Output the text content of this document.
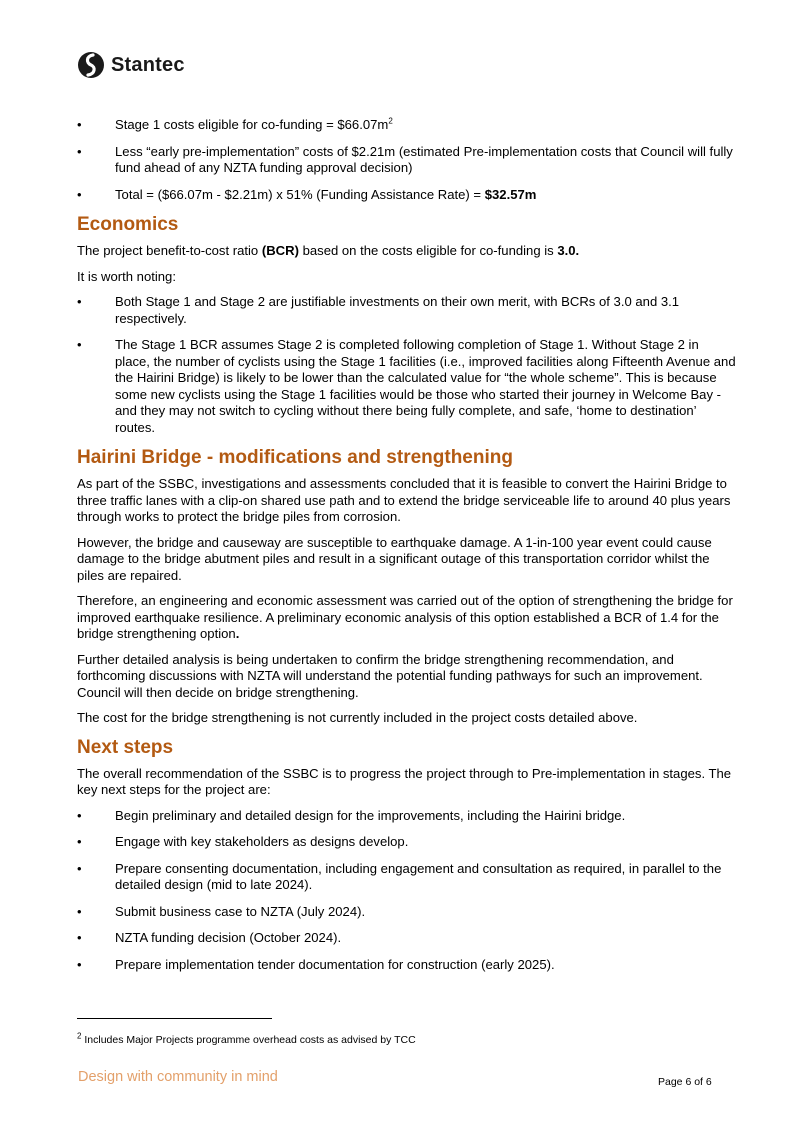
Stantec
• Stage 1 costs eligible for co-funding = $\$66.07m^2$
• Less “early pre-implementation” costs of $2.21m (estimated Pre-implementation costs that Council will fully fund ahead of any NZTA funding approval decision)
• Total = ($66.07m - $2.21m) x 51% (Funding Assistance Rate) = $32.57m
Economics

The project benefit-to-cost ratio (BCR) based on the costs eligible for co-funding is 3.0.

It is worth noting:

• Both Stage 1 and Stage 2 are justifiable investments on their own merit, with BCRs of 3.0 and 3.1 respectively.
• The Stage 1 BCR assumes Stage 2 is completed following completion of Stage 1. Without Stage 2 in place, the number of cyclists using the Stage 1 facilities (i.e., improved facilities along Fifteenth Avenue and the Hairini Bridge) is likely to be lower than the calculated value for “the whole scheme”. This is because some new cyclists using the Stage 1 facilities would be those who started their journey in Welcome Bay - and they may not switch to cycling without there being fully complete, and safe, ‘home to destination’ routes.
Hairini Bridge - modifications and strengthening

As part of the SSBC, investigations and assessments concluded that it is feasible to convert the Hairini Bridge to three traffic lanes with a clip-on shared use path and to extend the bridge serviceable life to around 40 plus years through works to protect the bridge piles from corrosion.

However, the bridge and causeway are susceptible to earthquake damage. A 1-in-100 year event could cause damage to the bridge abutment piles and result in a significant outage of this transportation corridor whilst the piles are repaired.

Therefore, an engineering and economic assessment was carried out of the option of strengthening the bridge for improved earthquake resilience. A preliminary economic analysis of this option established a BCR of 1.4 for the bridge strengthening option.

Further detailed analysis is being undertaken to confirm the bridge strengthening recommendation, and forthcoming discussions with NZTA will understand the potential funding pathways for such an improvement. Council will then decide on bridge strengthening.

The cost for the bridge strengthening is not currently included in the project costs detailed above.

Next steps

The overall recommendation of the SSBC is to progress the project through to Pre-implementation in stages. The key next steps for the project are:

• Begin preliminary and detailed design for the improvements, including the Hairini bridge.
• Engage with key stakeholders as designs develop.
• Prepare consenting documentation, including engagement and consultation as required, in parallel to the detailed design (mid to late 2024).
• Submit business case to NZTA (July 2024).
• NZTA funding decision (October 2024).
• Prepare implementation tender documentation for construction (early 2025).
$^2$ Includes Major Projects programme overhead costs as advised by TCC
Design with community in mind	Page 6 of 6
